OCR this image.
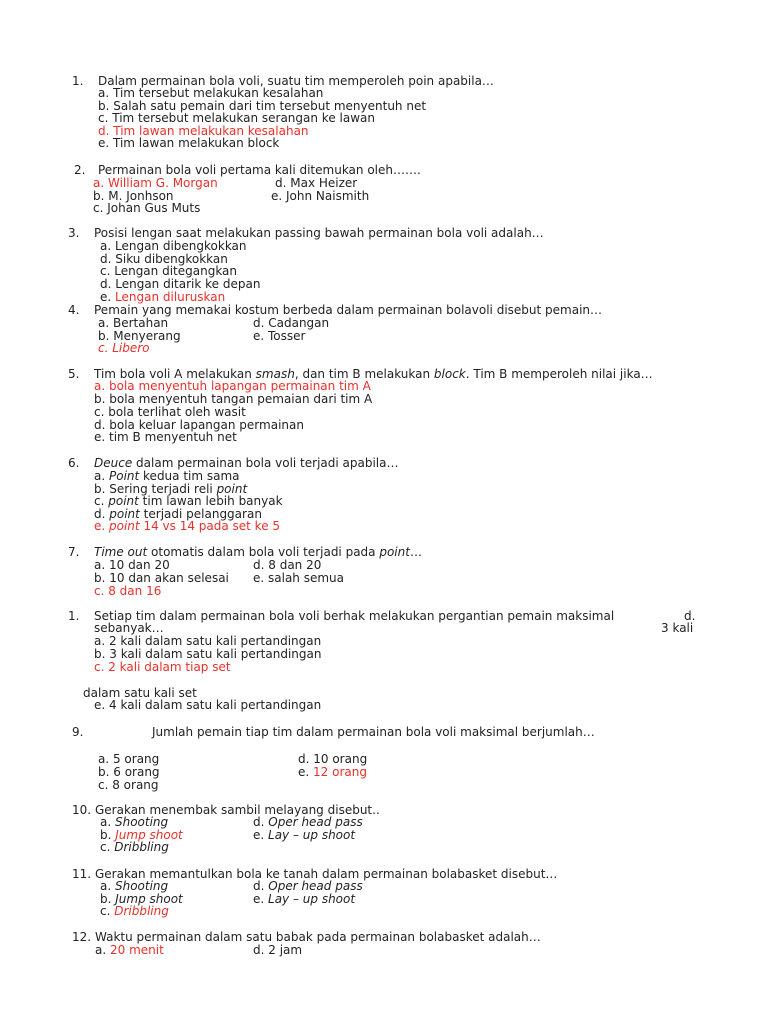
1. Dalam permainan bola voli, suatu tim memperoleh poin apabila…
a. Tim tersebut melakukan kesalahan
b. Salah satu pemain dari tim tersebut menyentuh net
c. Tim tersebut melakukan serangan ke lawan
d. Tim lawan melakukan kesalahan
e. Tim lawan melakukan block
2. Permainan bola voli pertama kali ditemukan oleh…….
a. William G. Morgan	d. Max Heizer
b. M. Jonhson	e. John Naismith
c. Johan Gus Muts
3. Posisi lengan saat melakukan passing bawah permainan bola voli adalah…
a. Lengan dibengkokkan
d. Siku dibengkokkan
c. Lengan ditegangkan
d. Lengan ditarik ke depan
e. Lengan diluruskan
4. Pemain yang memakai kostum berbeda dalam permainan bolavoli disebut pemain…
a. Bertahan	d. Cadangan
b. Menyerang	e. Tosser
c. Libero
5. Tim bola voli A melakukan smash, dan tim B melakukan block. Tim B memperoleh nilai jika…
a. bola menyentuh lapangan permainan tim A
b. bola menyentuh tangan pemaian dari tim A
c. bola terlihat oleh wasit
d. bola keluar lapangan permainan
e. tim B menyentuh net
6. Deuce dalam permainan bola voli terjadi apabila…
a. Point kedua tim sama
b. Sering terjadi reli point
c. point tim lawan lebih banyak
d. point terjadi pelanggaran
e. point 14 vs 14 pada set ke 5
7. Time out otomatis dalam bola voli terjadi pada point…
a. 10 dan 20	d. 8 dan 20
b. 10 dan akan selesai e. salah semua
c. 8 dan 16
1. Setiap tim dalam permainan bola voli berhak melakukan pergantian pemain maksimal	d.
sebanyak…	3 kali
a. 2 kali dalam satu kali pertandingan
b. 3 kali dalam satu kali pertandingan
c. 2 kali dalam tiap set
dalam satu kali set
e. 4 kali dalam satu kali pertandingan
9.	Jumlah pemain tiap tim dalam permainan bola voli maksimal berjumlah…
a. 5 orang	d. 10 orang
b. 6 orang	e. 12 orang
c. 8 orang
10. Gerakan menembak sambil melayang disebut..
a. Shooting	d. Oper head pass
b. Jump shoot	e. Lay – up shoot
c. Dribbling
11. Gerakan memantulkan bola ke tanah dalam permainan bolabasket disebut…
a. Shooting	d. Oper head pass
b. Jump shoot	e. Lay – up shoot
c. Dribbling
12. Waktu permainan dalam satu babak pada permainan bolabasket adalah…
a. 20 menit	d. 2 jam
